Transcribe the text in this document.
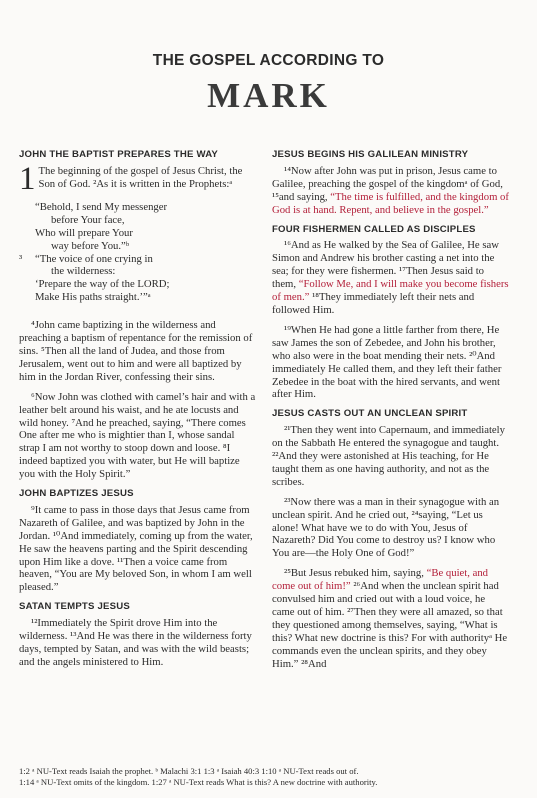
THE GOSPEL ACCORDING TO
MARK
JOHN THE BAPTIST PREPARES THE WAY
1 The beginning of the gospel of Jesus Christ, the Son of God. ²As it is written in the Prophets:ᵃ
“Behold, I send My messenger
before Your face,
Who will prepare Your
way before You.”ᵇ
³ “The voice of one crying in
the wilderness:
‘Prepare the way of the LORD;
Make His paths straight.’”ᵃ
⁴John came baptizing in the wilderness and preaching a baptism of repentance for the remission of sins. ⁵Then all the land of Judea, and those from Jerusalem, went out to him and were all baptized by him in the Jordan River, confessing their sins.
⁶Now John was clothed with camel’s hair and with a leather belt around his waist, and he ate locusts and wild honey. ⁷And he preached, saying, “There comes One after me who is mightier than I, whose sandal strap I am not worthy to stoop down and loose. ⁸I indeed baptized you with water, but He will baptize you with the Holy Spirit.”
JOHN BAPTIZES JESUS
⁹It came to pass in those days that Jesus came from Nazareth of Galilee, and was baptized by John in the Jordan. ¹⁰And immediately, coming up from the water, He saw the heavens parting and the Spirit descending upon Him like a dove. ¹¹Then a voice came from heaven, “You are My beloved Son, in whom I am well pleased.”
SATAN TEMPTS JESUS
¹²Immediately the Spirit drove Him into the wilderness. ¹³And He was there in the wilderness forty days, tempted by Satan, and was with the wild beasts; and the angels ministered to Him.
JESUS BEGINS HIS GALILEAN MINISTRY
¹⁴Now after John was put in prison, Jesus came to Galilee, preaching the gospel of the kingdomᵃ of God, ¹⁵and saying, “The time is fulfilled, and the kingdom of God is at hand. Repent, and believe in the gospel.”
FOUR FISHERMEN CALLED AS DISCIPLES
¹⁶And as He walked by the Sea of Galilee, He saw Simon and Andrew his brother casting a net into the sea; for they were fishermen. ¹⁷Then Jesus said to them, “Follow Me, and I will make you become fishers of men.” ¹⁸They immediately left their nets and followed Him.
¹⁹When He had gone a little farther from there, He saw James the son of Zebedee, and John his brother, who also were in the boat mending their nets. ²⁰And immediately He called them, and they left their father Zebedee in the boat with the hired servants, and went after Him.
JESUS CASTS OUT AN UNCLEAN SPIRIT
²¹Then they went into Capernaum, and immediately on the Sabbath He entered the synagogue and taught. ²²And they were astonished at His teaching, for He taught them as one having authority, and not as the scribes.
²³Now there was a man in their synagogue with an unclean spirit. And he cried out, ²⁴saying, “Let us alone! What have we to do with You, Jesus of Nazareth? Did You come to destroy us? I know who You are—the Holy One of God!”
²⁵But Jesus rebuked him, saying, “Be quiet, and come out of him!” ²⁶And when the unclean spirit had convulsed him and cried out with a loud voice, he came out of him. ²⁷Then they were all amazed, so that they questioned among themselves, saying, “What is this? What new doctrine is this? For with authorityᵃ He commands even the unclean spirits, and they obey Him.” ²⁸And
1:2 ᵃ NU-Text reads Isaiah the prophet. ᵇ Malachi 3:1 1:3 ᵃ Isaiah 40:3 1:10 ᵃ NU-Text reads out of.
1:14 ᵃ NU-Text omits of the kingdom. 1:27 ᵃ NU-Text reads What is this? A new doctrine with authority.
